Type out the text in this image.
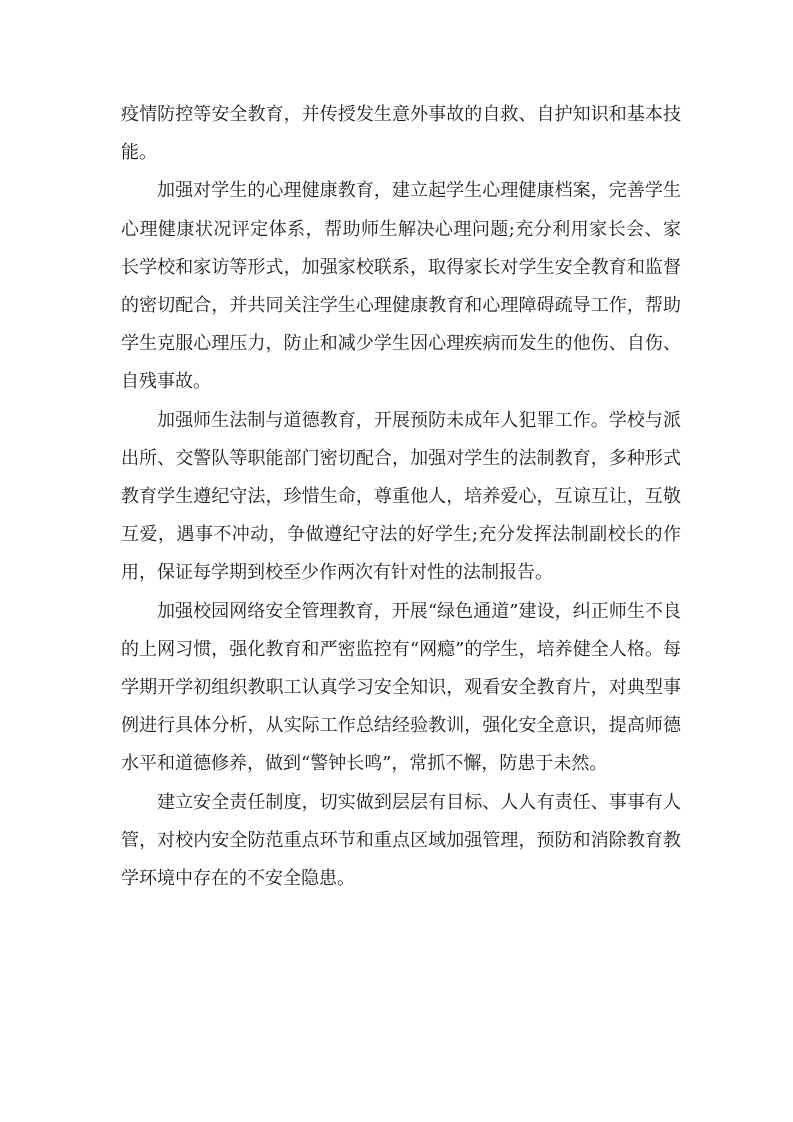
疫情防控等安全教育，并传授发生意外事故的自救、自护知识和基本技能。

加强对学生的心理健康教育，建立起学生心理健康档案，完善学生心理健康状况评定体系，帮助师生解决心理问题;充分利用家长会、家长学校和家访等形式，加强家校联系，取得家长对学生安全教育和监督的密切配合，并共同关注学生心理健康教育和心理障碍疏导工作，帮助学生克服心理压力，防止和减少学生因心理疾病而发生的他伤、自伤、自残事故。

加强师生法制与道德教育，开展预防未成年人犯罪工作。学校与派出所、交警队等职能部门密切配合，加强对学生的法制教育，多种形式教育学生遵纪守法，珍惜生命，尊重他人，培养爱心，互谅互让，互敬互爱，遇事不冲动，争做遵纪守法的好学生;充分发挥法制副校长的作用，保证每学期到校至少作两次有针对性的法制报告。

加强校园网络安全管理教育，开展“绿色通道”建设，纠正师生不良的上网习惯，强化教育和严密监控有“网瘾”的学生，培养健全人格。每学期开学初组织教职工认真学习安全知识，观看安全教育片，对典型事例进行具体分析，从实际工作总结经验教训，强化安全意识，提高师德水平和道德修养，做到“警钟长鸣”，常抓不懈，防患于未然。

建立安全责任制度，切实做到层层有目标、人人有责任、事事有人管，对校内安全防范重点环节和重点区域加强管理，预防和消除教育教学环境中存在的不安全隐患。
